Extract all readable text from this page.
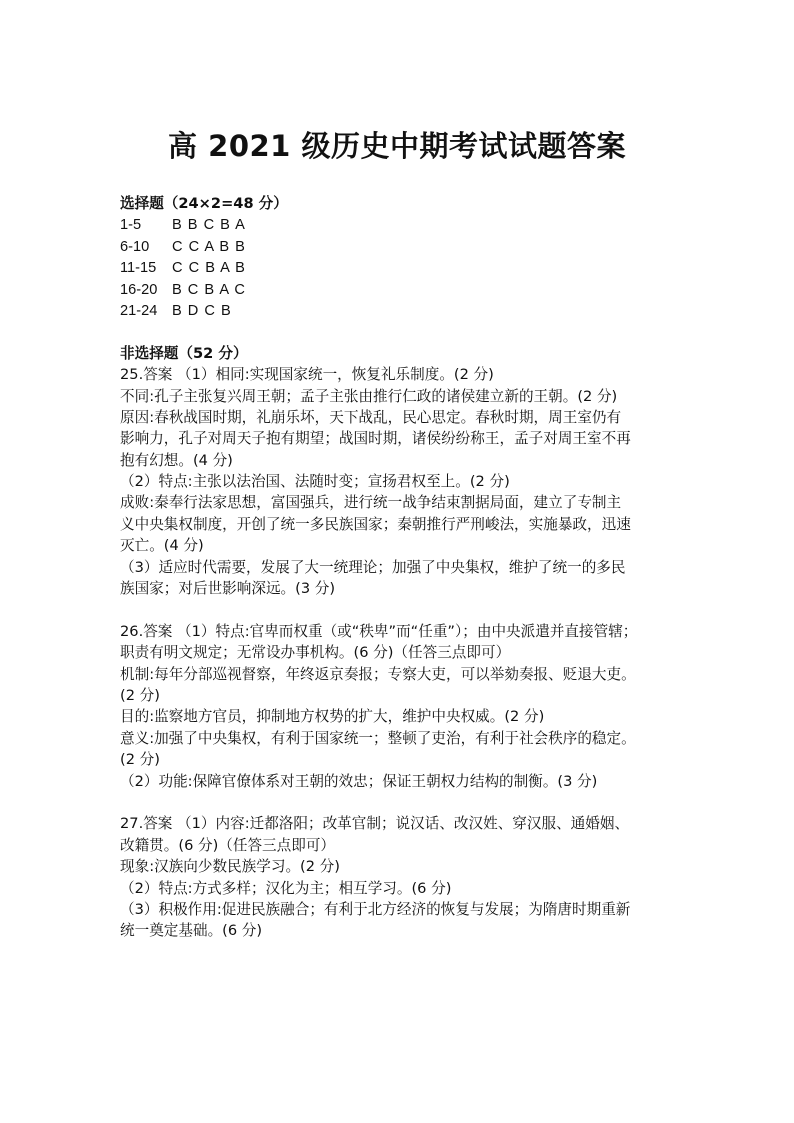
高 2021 级历史中期考试试题答案
选择题（24×2=48 分）
1-5 B B C B A
6-10 C C A B B
11-15 C C B A B
16-20 B C B A C
21-24 B D C B
非选择题（52 分）
25.答案 （1）相同:实现国家统一，恢复礼乐制度。(2 分)
不同:孔子主张复兴周王朝；孟子主张由推行仁政的诸侯建立新的王朝。(2 分)
原因:春秋战国时期，礼崩乐坏，天下战乱，民心思定。春秋时期，周王室仍有
影响力，孔子对周天子抱有期望；战国时期，诸侯纷纷称王，孟子对周王室不再
抱有幻想。(4 分)
（2）特点:主张以法治国、法随时变；宣扬君权至上。(2 分)
成败:秦奉行法家思想，富国强兵，进行统一战争结束割据局面，建立了专制主
义中央集权制度，开创了统一多民族国家；秦朝推行严刑峻法，实施暴政，迅速
灭亡。(4 分)
（3）适应时代需要，发展了大一统理论；加强了中央集权，维护了统一的多民
族国家；对后世影响深远。(3 分)
26.答案 （1）特点:官卑而权重（或“秩卑”而“任重”）；由中央派遣并直接管辖；
职责有明文规定；无常设办事机构。(6 分)（任答三点即可）
机制:每年分部巡视督察，年终返京奏报；专察大吏，可以举劾奏报、贬退大吏。
(2 分)
目的:监察地方官员，抑制地方权势的扩大，维护中央权威。(2 分)
意义:加强了中央集权，有利于国家统一；整顿了吏治，有利于社会秩序的稳定。
(2 分)
（2）功能:保障官僚体系对王朝的效忠；保证王朝权力结构的制衡。(3 分)
27.答案 （1）内容:迁都洛阳；改革官制；说汉话、改汉姓、穿汉服、通婚姻、
改籍贯。(6 分)（任答三点即可）
现象:汉族向少数民族学习。(2 分)
（2）特点:方式多样；汉化为主；相互学习。(6 分)
（3）积极作用:促进民族融合；有利于北方经济的恢复与发展；为隋唐时期重新
统一奠定基础。(6 分)
